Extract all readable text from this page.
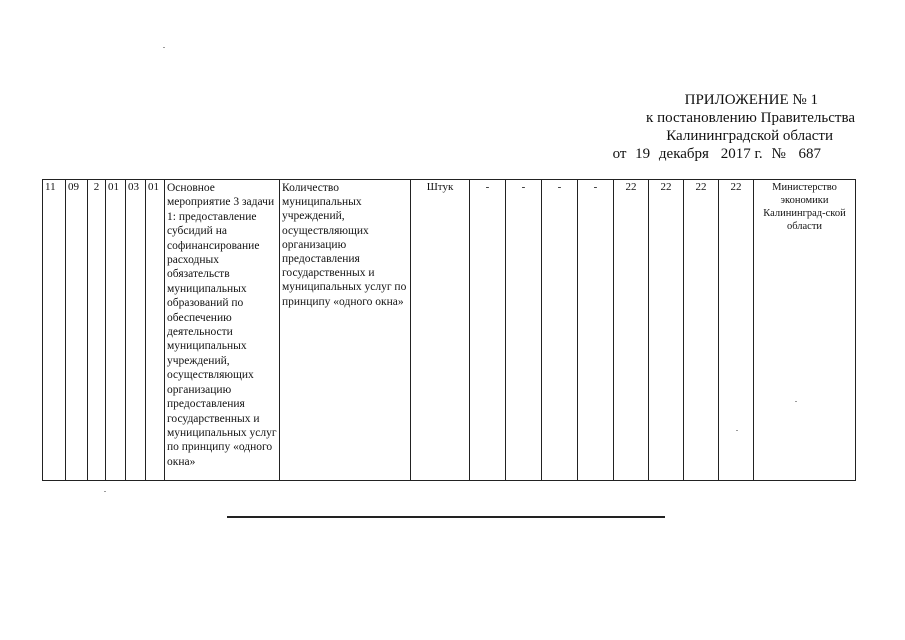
ПРИЛОЖЕНИЕ № 1
к постановлению Правительства
Калининградской области
от 19 декабря 2017 г. № 687
11	09	2	01	03	01	Основное мероприятие 3 задачи 1: предоставление субсидий на софинансирование расходных обязательств муниципальных образований по обеспечению деятельности муниципальных учреждений, осуществляющих организацию предоставления государственных и муниципальных услуг по принципу «одного окна»	Количество муниципальных учреждений, осуществляющих организацию предоставления государственных и муниципальных услуг по принципу «одного окна»	Штук	-	-	-	-	22	22	22	22	Министерство экономики Калининград-ской области
